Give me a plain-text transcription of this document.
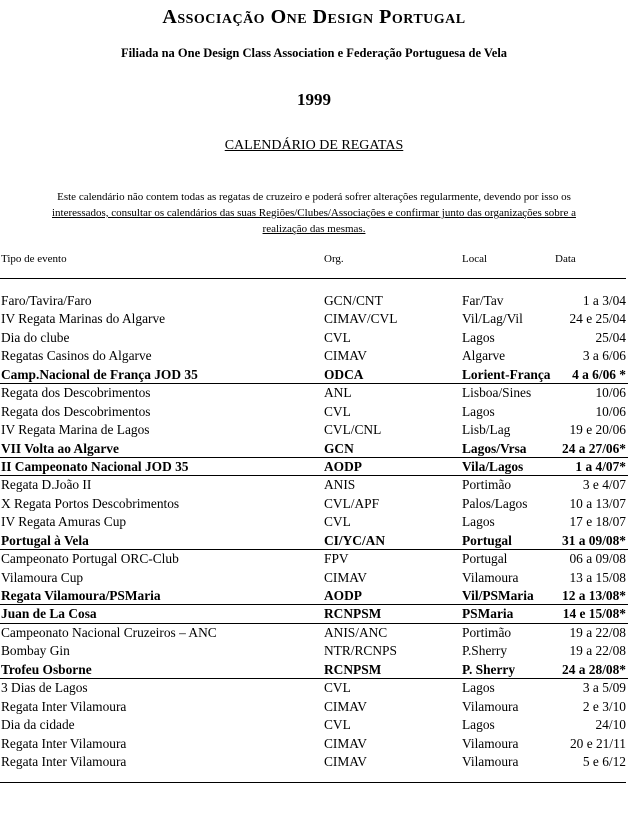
Associação One Design Portugal
Filiada na One Design Class Association e Federação Portuguesa de Vela
1999
CALENDÁRIO DE REGATAS
Este calendário não contem todas as regatas de cruzeiro e poderá sofrer alterações regularmente, devendo por isso os
interessados, consultar os calendários das suas Regiões/Clubes/Associações e confirmar junto das organizações sobre a
realização das mesmas.
Tipo de evento	Org.	Local	Data
Faro/Tavira/Faro	GCN/CNT	Far/Tav	1 a 3/04
IV Regata Marinas do Algarve	CIMAV/CVL	Vil/Lag/Vil	24 e 25/04
Dia do clube	CVL	Lagos	25/04
Regatas Casinos do Algarve	CIMAV	Algarve	3 a 6/06
Camp.Nacional de França JOD 35	ODCA	Lorient-França 4 a 6/06 *
Regata dos Descobrimentos	ANL	Lisboa/Sines	10/06
Regata dos Descobrimentos	CVL	Lagos	10/06
IV Regata Marina de Lagos	CVL/CNL	Lisb/Lag	19 e 20/06
VII Volta ao Algarve	GCN	Lagos/Vrsa	24 a 27/06*
II Campeonato Nacional JOD 35	AODP	Vila/Lagos	1 a 4/07*
Regata D.João II	ANIS	Portimão	3 e 4/07
X Regata Portos Descobrimentos	CVL/APF	Palos/Lagos	10 a 13/07
IV Regata Amuras Cup	CVL	Lagos	17 e 18/07
Portugal à Vela	CI/YC/AN	Portugal	31 a 09/08*
Campeonato Portugal ORC-Club	FPV	Portugal	06 a 09/08
Vilamoura Cup	CIMAV	Vilamoura	13 a 15/08
Regata Vilamoura/PSMaria	AODP	Vil/PSMaria 12 a 13/08*
Juan de La Cosa	RCNPSM	PSMaria	14 e 15/08*
Campeonato Nacional Cruzeiros – ANC	ANIS/ANC	Portimão	19 a 22/08
Bombay Gin	NTR/RCNPS	P.Sherry	19 a 22/08
Trofeu Osborne	RCNPSM	P. Sherry	24 a 28/08*
3 Dias de Lagos	CVL	Lagos	3 a 5/09
Regata Inter Vilamoura	CIMAV	Vilamoura	2 e 3/10
Dia da cidade	CVL	Lagos	24/10
Regata Inter Vilamoura	CIMAV	Vilamoura	20 e 21/11
Regata Inter Vilamoura	CIMAV	Vilamoura	5 e 6/12
